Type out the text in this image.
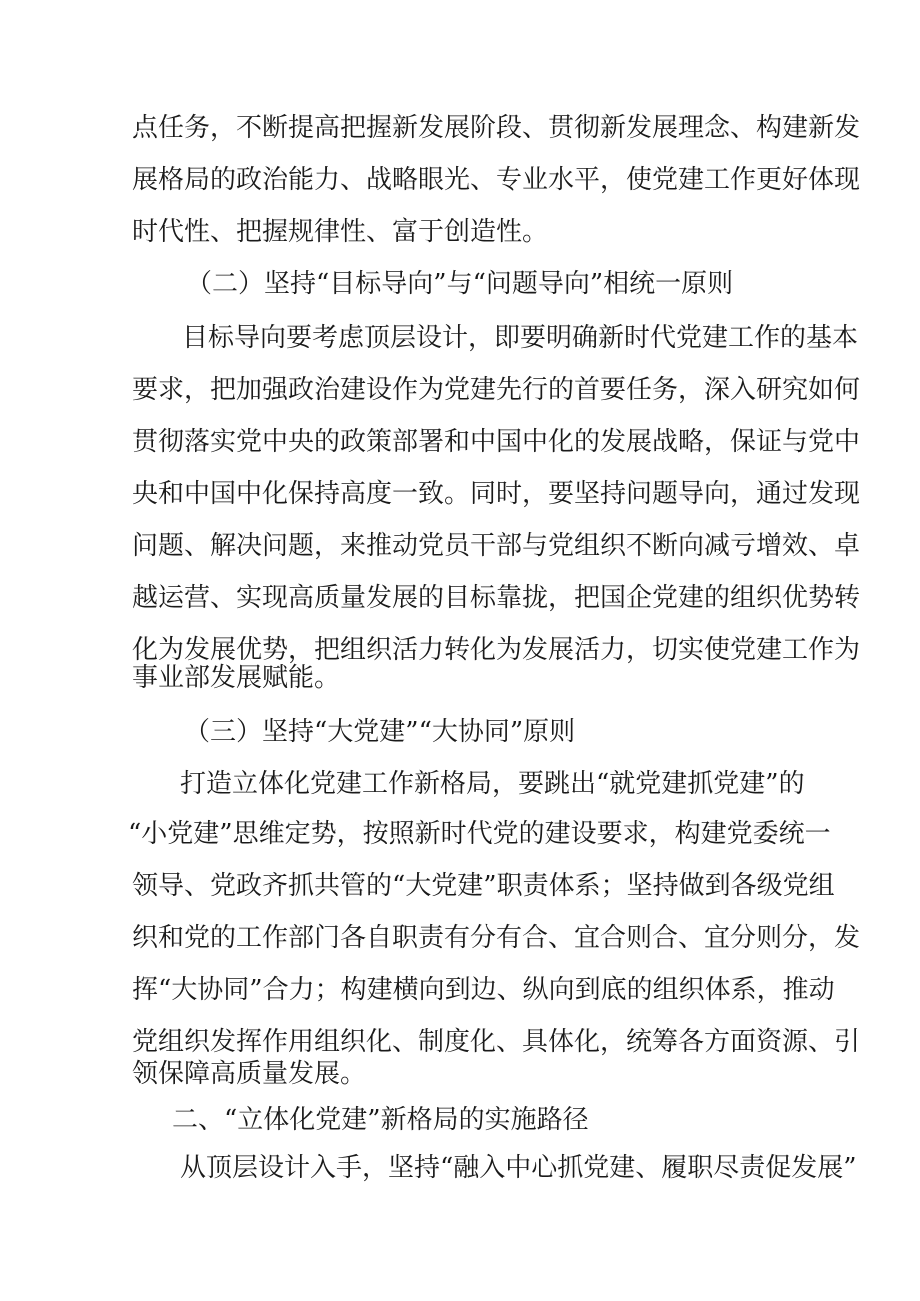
点任务，不断提高把握新发展阶段、贯彻新发展理念、构建新发
展格局的政治能力、战略眼光、专业水平，使党建工作更好体现
时代性、把握规律性、富于创造性。
（二）坚持“目标导向”与“问题导向”相统一原则
目标导向要考虑顶层设计，即要明确新时代党建工作的基本
要求，把加强政治建设作为党建先行的首要任务，深入研究如何
贯彻落实党中央的政策部署和中国中化的发展战略，保证与党中
央和中国中化保持高度一致。同时，要坚持问题导向，通过发现
问题、解决问题，来推动党员干部与党组织不断向减亏增效、卓
越运营、实现高质量发展的目标靠拢，把国企党建的组织优势转
化为发展优势，把组织活力转化为发展活力，切实使党建工作为
事业部发展赋能。
（三）坚持“大党建”“大协同”原则
打造立体化党建工作新格局，要跳出“就党建抓党建”的
“小党建”思维定势，按照新时代党的建设要求，构建党委统一
领导、党政齐抓共管的“大党建”职责体系；坚持做到各级党组
织和党的工作部门各自职责有分有合、宜合则合、宜分则分，发
挥“大协同”合力；构建横向到边、纵向到底的组织体系，推动
党组织发挥作用组织化、制度化、具体化，统筹各方面资源、引
领保障高质量发展。
二、“立体化党建”新格局的实施路径
从顶层设计入手，坚持“融入中心抓党建、履职尽责促发展”
